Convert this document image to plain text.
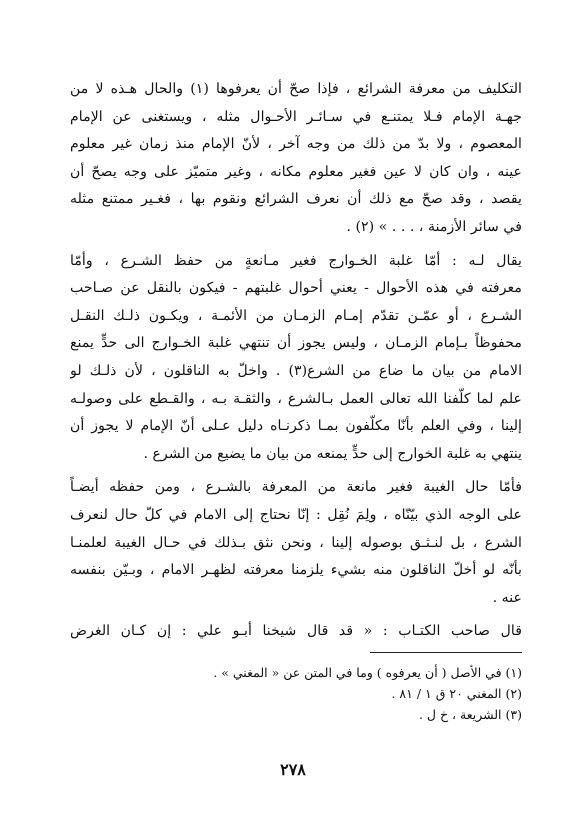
التكليف من معرفة الشرائع ، فإذا صحّ أن يعرفوها (١) والحال هـذه لا من
جهـة الإمام فـلا يمتنـع في سـائـر الأحـوال مثله ، ويستغنى عن الإمام
المعصوم ، ولا بدّ من ذلك من وجه آخر ، لأنّ الإمام منذ زمان غير معلوم
عينه ، وان كان لا عين فغير معلوم مكانه ، وغير متميّز على وجه يصحّ أن
يقصد ، وقد صحّ مع ذلك أن نعرف الشرائع ونقوم بها ، فغـير ممتنع مثله
في سائر الأزمنة ، . . . » (٢) .
يقال لـه : أمّا غلبة الخـوارج فغير مـانعةٍ من حفظ الشـرع ، وأمّا
معرفته في هذه الأحوال - يعني أحوال غلبتهم - فيكون بالنقل عن صـاحب
الشـرع ، أو عمّـن تقدّم إمـام الزمـان من الأئمـة ، ويكـون ذلـك النقـل
محفوظاً بـإمام الزمـان ، وليس يجوز أن تنتهي غلبة الخـوارج الى حدٍّ يمنع
الامام من بيان ما ضاع من الشرع(٣) . واخلّ به الناقلون ، لأن ذلـك لو
علم لما كلّفنا الله تعالى العمل بـالشرع ، والثقـة بـه ، والقـطع على وصولـه
إلينا ، وفي العلم بأنّا مكلّفون بمـا ذكرنـاه دليل عـلى أنّ الإمام لا يجوز أن
ينتهي به غلبة الخوارج إلى حدٍّ يمنعه من بيان ما يضيع من الشرع .
فأمّا حال الغيبة فغير مانعة من المعرفة بالشـرع ، ومن حفظه أيضـاً
على الوجه الذي بيّنّاه ، ولِمَ نُقِل : إنّا نحتاج إلى الامام في كلّ حال لنعرف
الشرع ، بل لنـثـق بوصوله إلينا ، ونحن نثق بـذلك في حـال الغيبة لعلمنـا
بأنّه لو أخلّ الناقلون منه بشيء يلزمنا معرفته لظهـر الامام ، وبـيّن بنفسه
عنه .
قال صاحب الكتـاب : « قد قال شيخنا أبـو علي : إن كـان الغرض
(١) في الأصل ( أن يعرفوه ) وما في المتن عن « المغني » .
(٢) المغني ٢٠ ق ١ / ٨١ .
(٣) الشريعة ، خ ل .
٢٧٨
